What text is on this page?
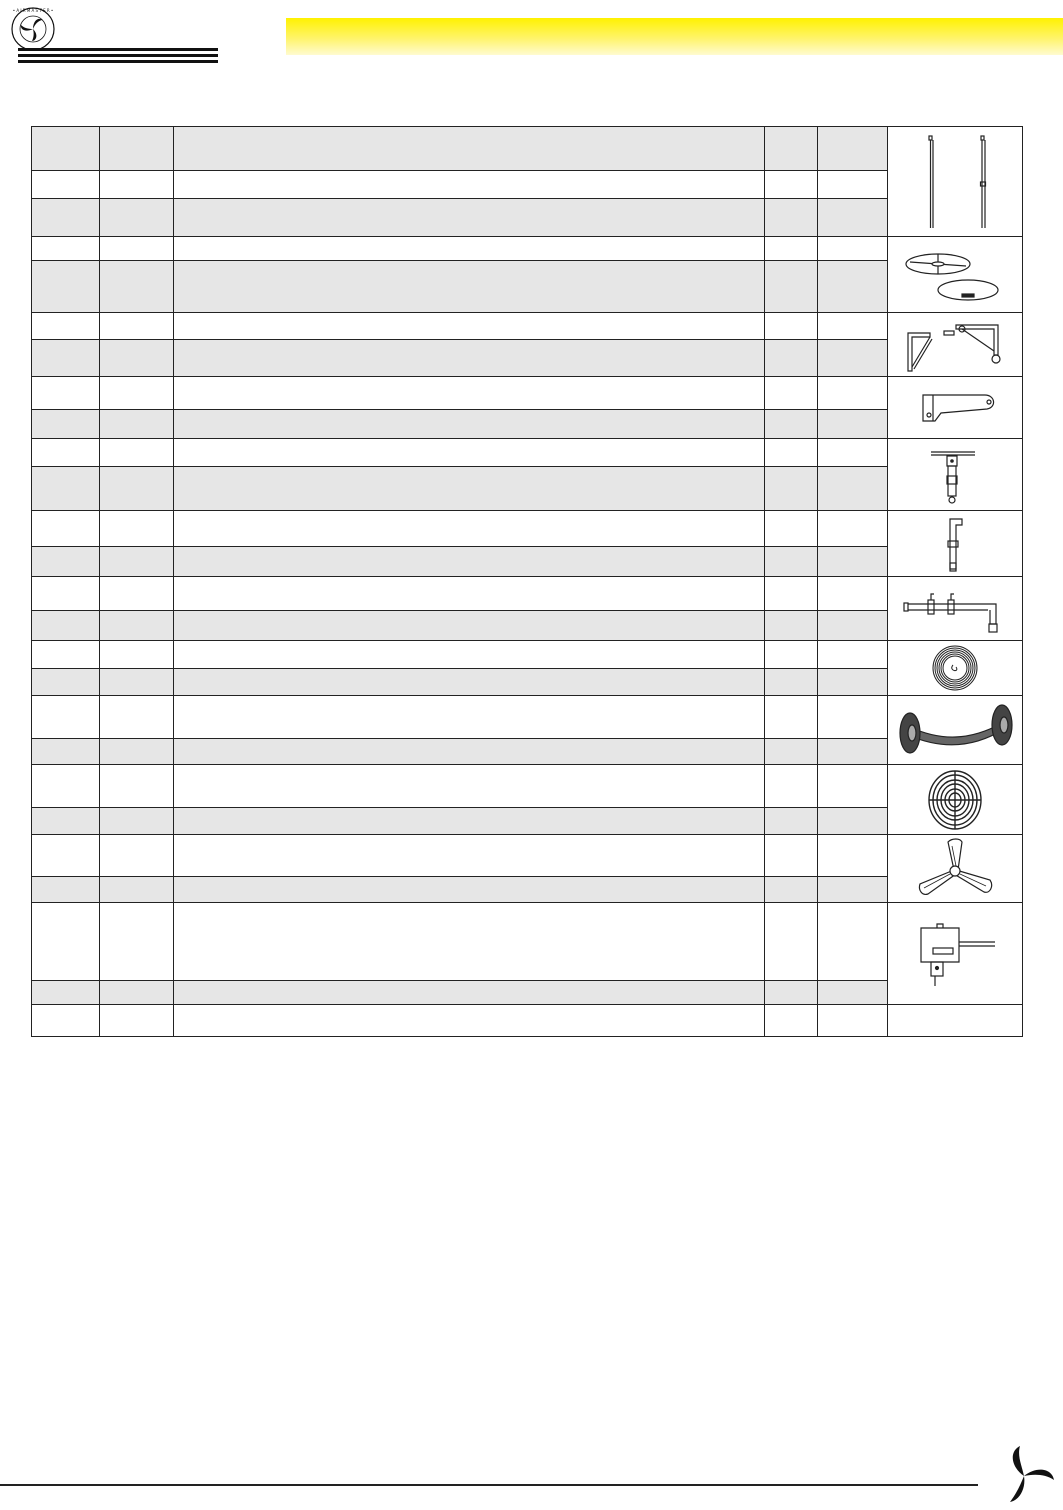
• A I R M A S T E R •
